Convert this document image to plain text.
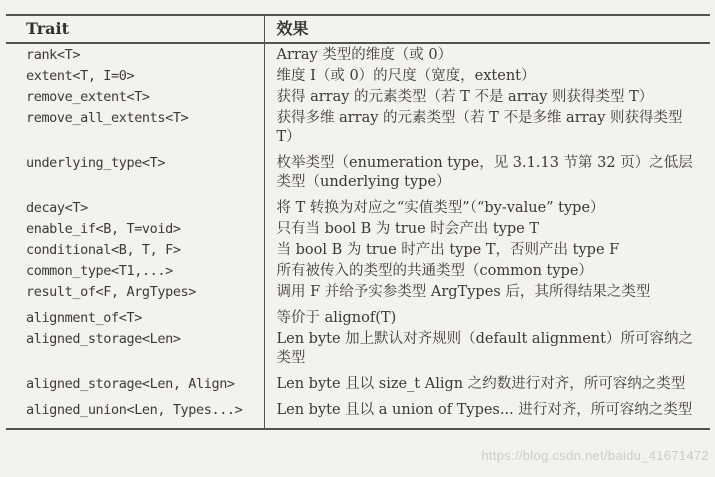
Trait	效果
rank<T>	Array 类型的维度（或 0）
extent<T, I=0>	维度 I（或 0）的尺度（宽度，extent）
remove_extent<T>	获得 array 的元素类型（若 T 不是 array 则获得类型 T）
remove_all_extents<T>	获得多维 array 的元素类型（若 T 不是多维 array 则获得类型 T）
underlying_type<T>	枚举类型（enumeration type，见 3.1.13 节第 32 页）之低层类型（underlying type）
decay<T>	将 T 转换为对应之“实值类型”（“by-value” type）
enable_if<B, T=void>	只有当 bool B 为 true 时会产出 type T
conditional<B, T, F>	当 bool B 为 true 时产出 type T，否则产出 type F
common_type<T1,...>	所有被传入的类型的共通类型（common type）
result_of<F, ArgTypes>	调用 F 并给予实参类型 ArgTypes 后，其所得结果之类型
alignment_of<T>	等价于 alignof(T)
aligned_storage<Len>	Len byte 加上默认对齐规则（default alignment）所可容纳之类型
aligned_storage<Len, Align>	Len byte 且以 size_t Align 之约数进行对齐，所可容纳之类型
aligned_union<Len, Types...>	Len byte 且以 a union of Types... 进行对齐，所可容纳之类型
https://blog.csdn.net/baidu_41671472
